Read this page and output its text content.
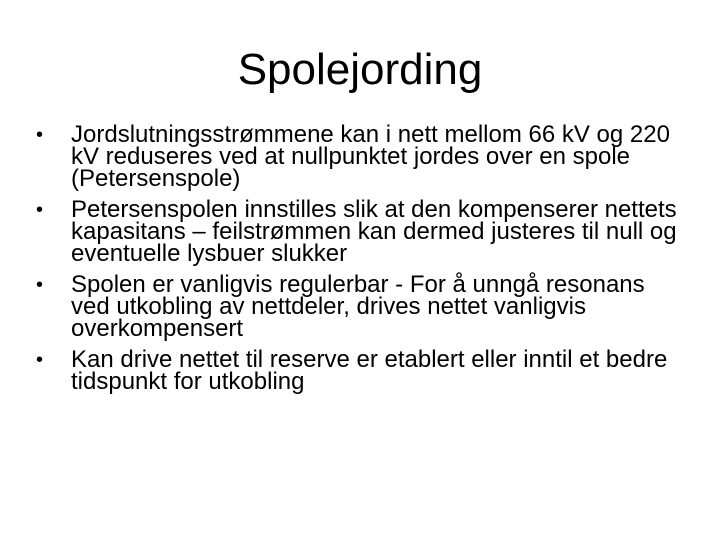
Spolejording
•	Jordslutningsstrømmene kan i nett mellom 66 kV og 220 kV reduseres ved at nullpunktet jordes over en spole (Petersenspole)
•	Petersenspolen innstilles slik at den kompenserer nettets kapasitans – feilstrømmen kan dermed justeres til null og eventuelle lysbuer slukker
•	Spolen er vanligvis regulerbar - For å unngå resonans ved utkobling av nettdeler, drives nettet vanligvis overkompensert
•	Kan drive nettet til reserve er etablert eller inntil et bedre tidspunkt for utkobling
